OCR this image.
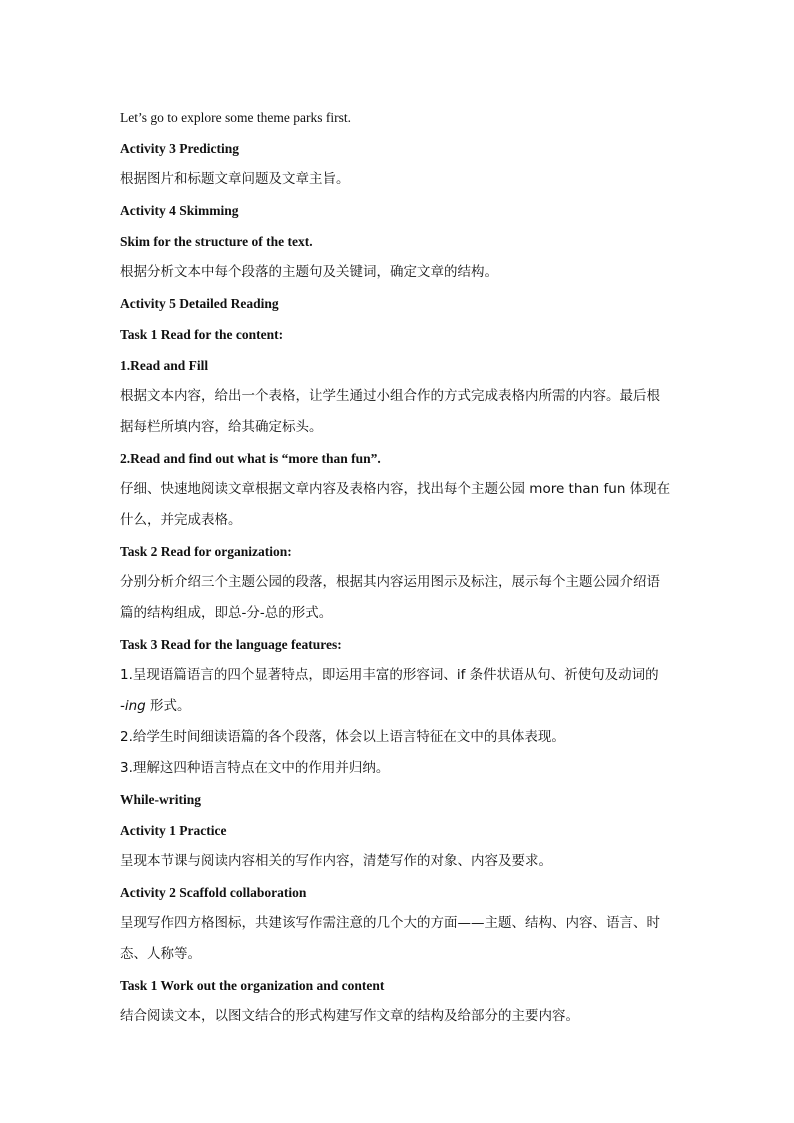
Let’s go to explore some theme parks first.
Activity 3 Predicting
根据图片和标题文章问题及文章主旨。
Activity 4 Skimming
Skim for the structure of the text.
根据分析文本中每个段落的主题句及关键词，确定文章的结构。
Activity 5 Detailed Reading
Task 1 Read for the content:
1.Read and Fill
根据文本内容，给出一个表格，让学生通过小组合作的方式完成表格内所需的内容。最后根
据每栏所填内容，给其确定标头。
2.Read and find out what is “more than fun”.
仔细、快速地阅读文章根据文章内容及表格内容，找出每个主题公园 more than fun 体现在
什么，并完成表格。
Task 2 Read for organization:
分别分析介绍三个主题公园的段落，根据其内容运用图示及标注，展示每个主题公园介绍语
篇的结构组成，即总-分-总的形式。
Task 3 Read for the language features:
1.呈现语篇语言的四个显著特点，即运用丰富的形容词、if 条件状语从句、祈使句及动词的
-ing 形式。
2.给学生时间细读语篇的各个段落，体会以上语言特征在文中的具体表现。
3.理解这四种语言特点在文中的作用并归纳。
While-writing
Activity 1 Practice
呈现本节课与阅读内容相关的写作内容，清楚写作的对象、内容及要求。
Activity 2 Scaffold collaboration
呈现写作四方格图标，共建该写作需注意的几个大的方面——主题、结构、内容、语言、时
态、人称等。
Task 1 Work out the organization and content
结合阅读文本，以图文结合的形式构建写作文章的结构及给部分的主要内容。
